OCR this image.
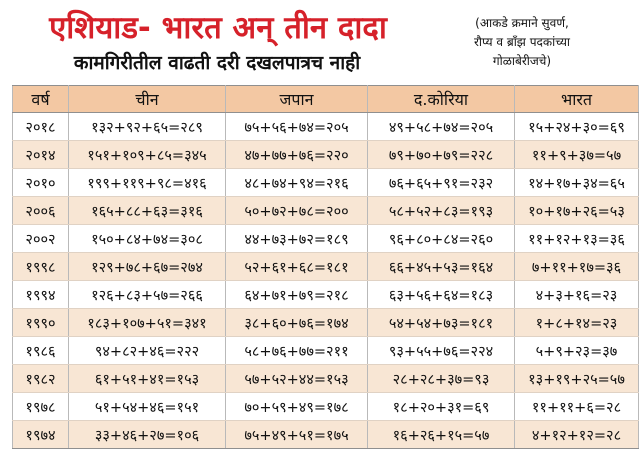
एशियाड- भारत अन् तीन दादा
कामगिरीतील वाढती दरी दखलपात्रच नाही
(आकडे क्रमाने सुवर्ण,
रौप्य व ब्रॉंझ पदकांच्या
गोळाबेरीजचे)
वर्ष	चीन	जपान	द.कोरिया	भारत
२०१८	१३२+९२+६५=२८९	७५+५६+७४=२०५	४९+५८+७४=२०५	१५+२४+३०=६९
२०१४	१५१+१०९+८५=३४५	४७+७७+७६=२२०	७९+७०+७९=२२८	११+९+३७=५७
२०१०	१९९+११९+९८=४१६	४८+७४+९४=२१६	७६+६५+९१=२३२	१४+१७+३४=६५
२००६	१६५+८८+६३=३१६	५०+७२+७८=२००	५८+५२+८३=१९३	१०+१७+२६=५३
२००२	१५०+८४+७४=३०८	४४+७३+७२=१८९	९६+८०+८४=२६०	११+१२+१३=३६
१९९८	१२९+७८+६७=२७४	५२+६१+६८=१८१	६६+४५+५३=१६४	७+११+१७=३६
१९९४	१२६+८३+५७=२६६	६४+७१+७९=२१८	६३+५६+६४=१८३	४+३+१६=२३
१९९०	१८३+१०७+५१=३४१	३८+६०+७६=१७४	५४+५४+७३=१८१	१+८+१४=२३
१९८६	९४+८२+४६=२२२	५८+७६+७७=२११	९३+५५+७६=२२४	५+९+२३=३७
१९८२	६१+५१+४१=१५३	५७+५२+४४=१५३	२८+२८+३७=९३	१३+१९+२५=५७
१९७८	५१+५४+४६=१५१	७०+५९+४९=१७८	१८+२०+३१=६९	११+११+६=२८
१९७४	३३+४६+२७=१०६	७५+४९+५१=१७५	१६+२६+१५=५७	४+१२+१२=२८
